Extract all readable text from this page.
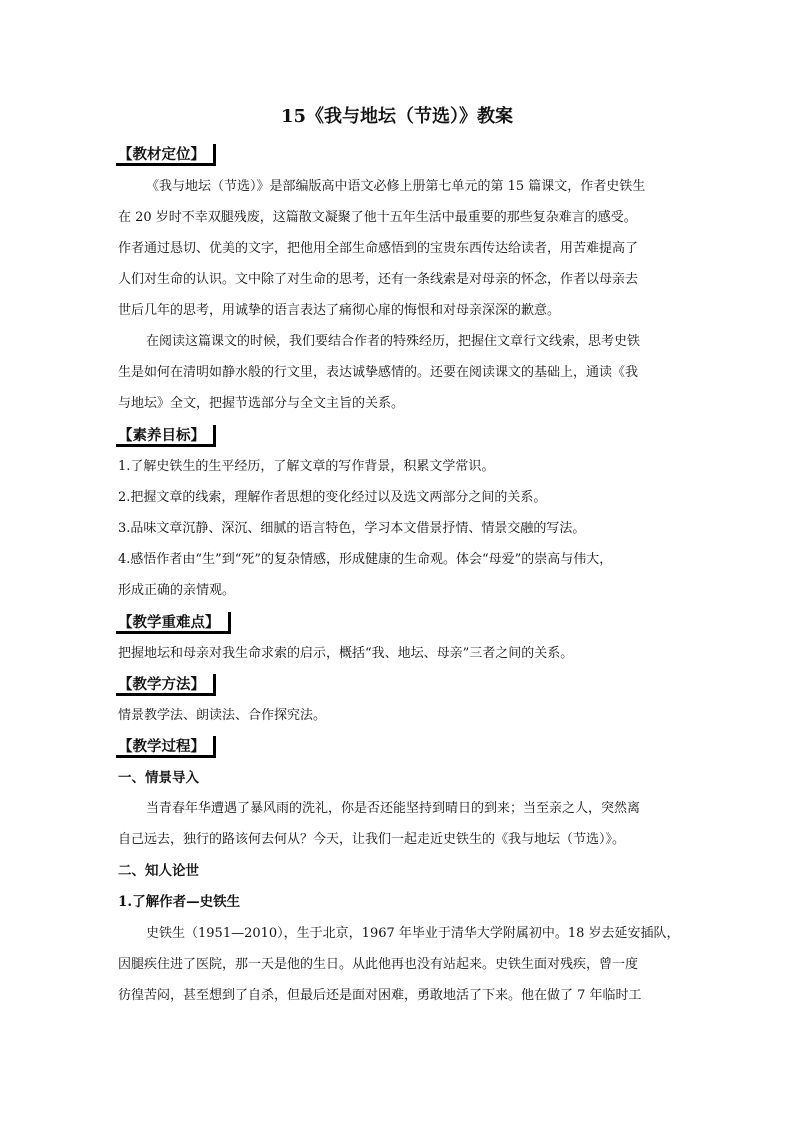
15《我与地坛（节选）》教案
【教材定位】
《我与地坛（节选）》是部编版高中语文必修上册第七单元的第 15 篇课文，作者史铁生
在 20 岁时不幸双腿残废，这篇散文凝聚了他十五年生活中最重要的那些复杂难言的感受。
作者通过恳切、优美的文字，把他用全部生命感悟到的宝贵东西传达给读者，用苦难提高了
人们对生命的认识。文中除了对生命的思考，还有一条线索是对母亲的怀念，作者以母亲去
世后几年的思考，用诚挚的语言表达了痛彻心扉的悔恨和对母亲深深的歉意。
在阅读这篇课文的时候，我们要结合作者的特殊经历，把握住文章行文线索，思考史铁
生是如何在清明如静水般的行文里，表达诚挚感情的。还要在阅读课文的基础上，通读《我
与地坛》全文，把握节选部分与全文主旨的关系。
【素养目标】
1.了解史铁生的生平经历，了解文章的写作背景，积累文学常识。
2.把握文章的线索，理解作者思想的变化经过以及选文两部分之间的关系。
3.品味文章沉静、深沉、细腻的语言特色，学习本文借景抒情、情景交融的写法。
4.感悟作者由“生”到“死”的复杂情感，形成健康的生命观。体会“母爱”的崇高与伟大，
形成正确的亲情观。
【教学重难点】
把握地坛和母亲对我生命求索的启示，概括“我、地坛、母亲”三者之间的关系。
【教学方法】
情景教学法、朗读法、合作探究法。
【教学过程】
一、情景导入
当青春年华遭遇了暴风雨的洗礼，你是否还能坚持到晴日的到来；当至亲之人，突然离
自己远去，独行的路该何去何从？今天，让我们一起走近史铁生的《我与地坛（节选）》。
二、知人论世
1.了解作者—史铁生
史铁生（1951—2010），生于北京，1967 年毕业于清华大学附属初中。18 岁去延安插队，
因腿疾住进了医院，那一天是他的生日。从此他再也没有站起来。史铁生面对残疾，曾一度
彷徨苦闷，甚至想到了自杀，但最后还是面对困难，勇敢地活了下来。他在做了 7 年临时工
